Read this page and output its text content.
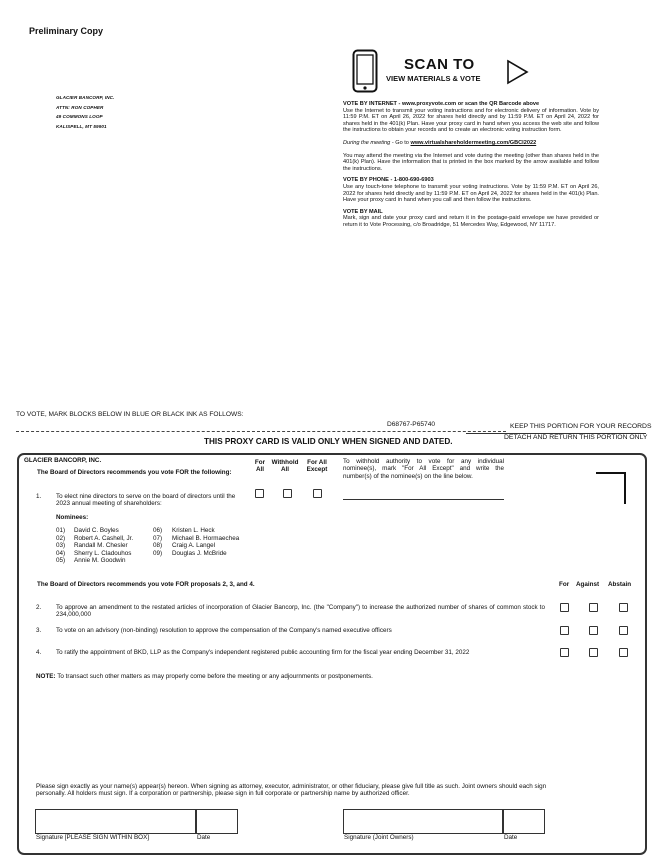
Preliminary Copy
GLACIER BANCORP, INC.
ATTN: RON COPHER
49 COMMONS LOOP
KALISPELL, MT 59901
SCAN TO
VIEW MATERIALS & VOTE
VOTE BY INTERNET - www.proxyvote.com or scan the QR Barcode above
Use the Internet to transmit your voting instructions and for electronic delivery of information. Vote by 11:59 P.M. ET on April 26, 2022 for shares held directly and by 11:59 P.M. ET on April 24, 2022 for shares held in the 401(k) Plan. Have your proxy card in hand when you access the web site and follow the instructions to obtain your records and to create an electronic voting instruction form.
During the meeting - Go to www.virtualshareholdermeeting.com/GBCI2022
You may attend the meeting via the Internet and vote during the meeting (other than shares held in the 401(k) Plan). Have the information that is printed in the box marked by the arrow available and follow the instructions.
VOTE BY PHONE - 1-800-690-6903
Use any touch-tone telephone to transmit your voting instructions. Vote by 11:59 P.M. ET on April 26, 2022 for shares held directly and by 11:59 P.M. ET on April 24, 2022 for shares held in the 401(k) Plan. Have your proxy card in hand when you call and then follow the instructions.
VOTE BY MAIL
Mark, sign and date your proxy card and return it in the postage-paid envelope we have provided or return it to Vote Processing, c/o Broadridge, 51 Mercedes Way, Edgewood, NY 11717.
TO VOTE, MARK BLOCKS BELOW IN BLUE OR BLACK INK AS FOLLOWS:
D68767-P65740	KEEP THIS PORTION FOR YOUR RECORDS
THIS PROXY CARD IS VALID ONLY WHEN SIGNED AND DATED.	DETACH AND RETURN THIS PORTION ONLY
GLACIER BANCORP, INC.
The Board of Directors recommends you vote FOR the following:
For
All
Withhold
All
For All
Except
To withhold authority to vote for any individual nominee(s), mark "For All Except" and write the number(s) of the nominee(s) on the line below.
1. To elect nine directors to serve on the board of directors until the 2023 annual meeting of shareholders:
Nominees:
01) David C. Boyles
02) Robert A. Cashell, Jr.
03) Randall M. Chesler
04) Sherry L. Cladouhos
05) Annie M. Goodwin
06) Kristen L. Heck
07) Michael B. Hormaechea
08) Craig A. Langel
09) Douglas J. McBride
The Board of Directors recommends you vote FOR proposals 2, 3, and 4.	For Against Abstain
2. To approve an amendment to the restated articles of incorporation of Glacier Bancorp, Inc. (the "Company") to increase the authorized number of shares of common stock to 234,000,000
3. To vote on an advisory (non-binding) resolution to approve the compensation of the Company's named executive officers
4. To ratify the appointment of BKD, LLP as the Company's independent registered public accounting firm for the fiscal year ending December 31, 2022
NOTE: To transact such other matters as may properly come before the meeting or any adjournments or postponements.
Please sign exactly as your name(s) appear(s) hereon. When signing as attorney, executor, administrator, or other fiduciary, please give full title as such. Joint owners should each sign personally. All holders must sign. If a corporation or partnership, please sign in full corporate or partnership name by authorized officer.
Signature [PLEASE SIGN WITHIN BOX]	Date	Signature (Joint Owners)	Date
